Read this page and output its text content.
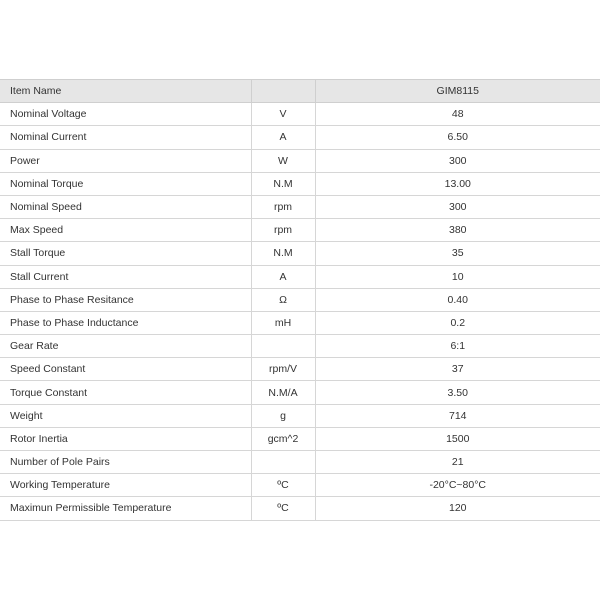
Item Name		GIM8115
Nominal Voltage	V	48
Nominal Current	A	6.50
Power	W	300
Nominal Torque	N.M	13.00
Nominal Speed	rpm	300
Max Speed	rpm	380
Stall Torque	N.M	35
Stall Current	A	10
Phase to Phase Resitance	Ω	0.40
Phase to Phase Inductance	mH	0.2
Gear Rate		6:1
Speed Constant	rpm/V	37
Torque Constant	N.M/A	3.50
Weight	g	714
Rotor Inertia	gcm^2	1500
Number of Pole Pairs		21
Working Temperature	ºC	-20°C~80°C
Maximun Permissible Temperature	ºC	120
